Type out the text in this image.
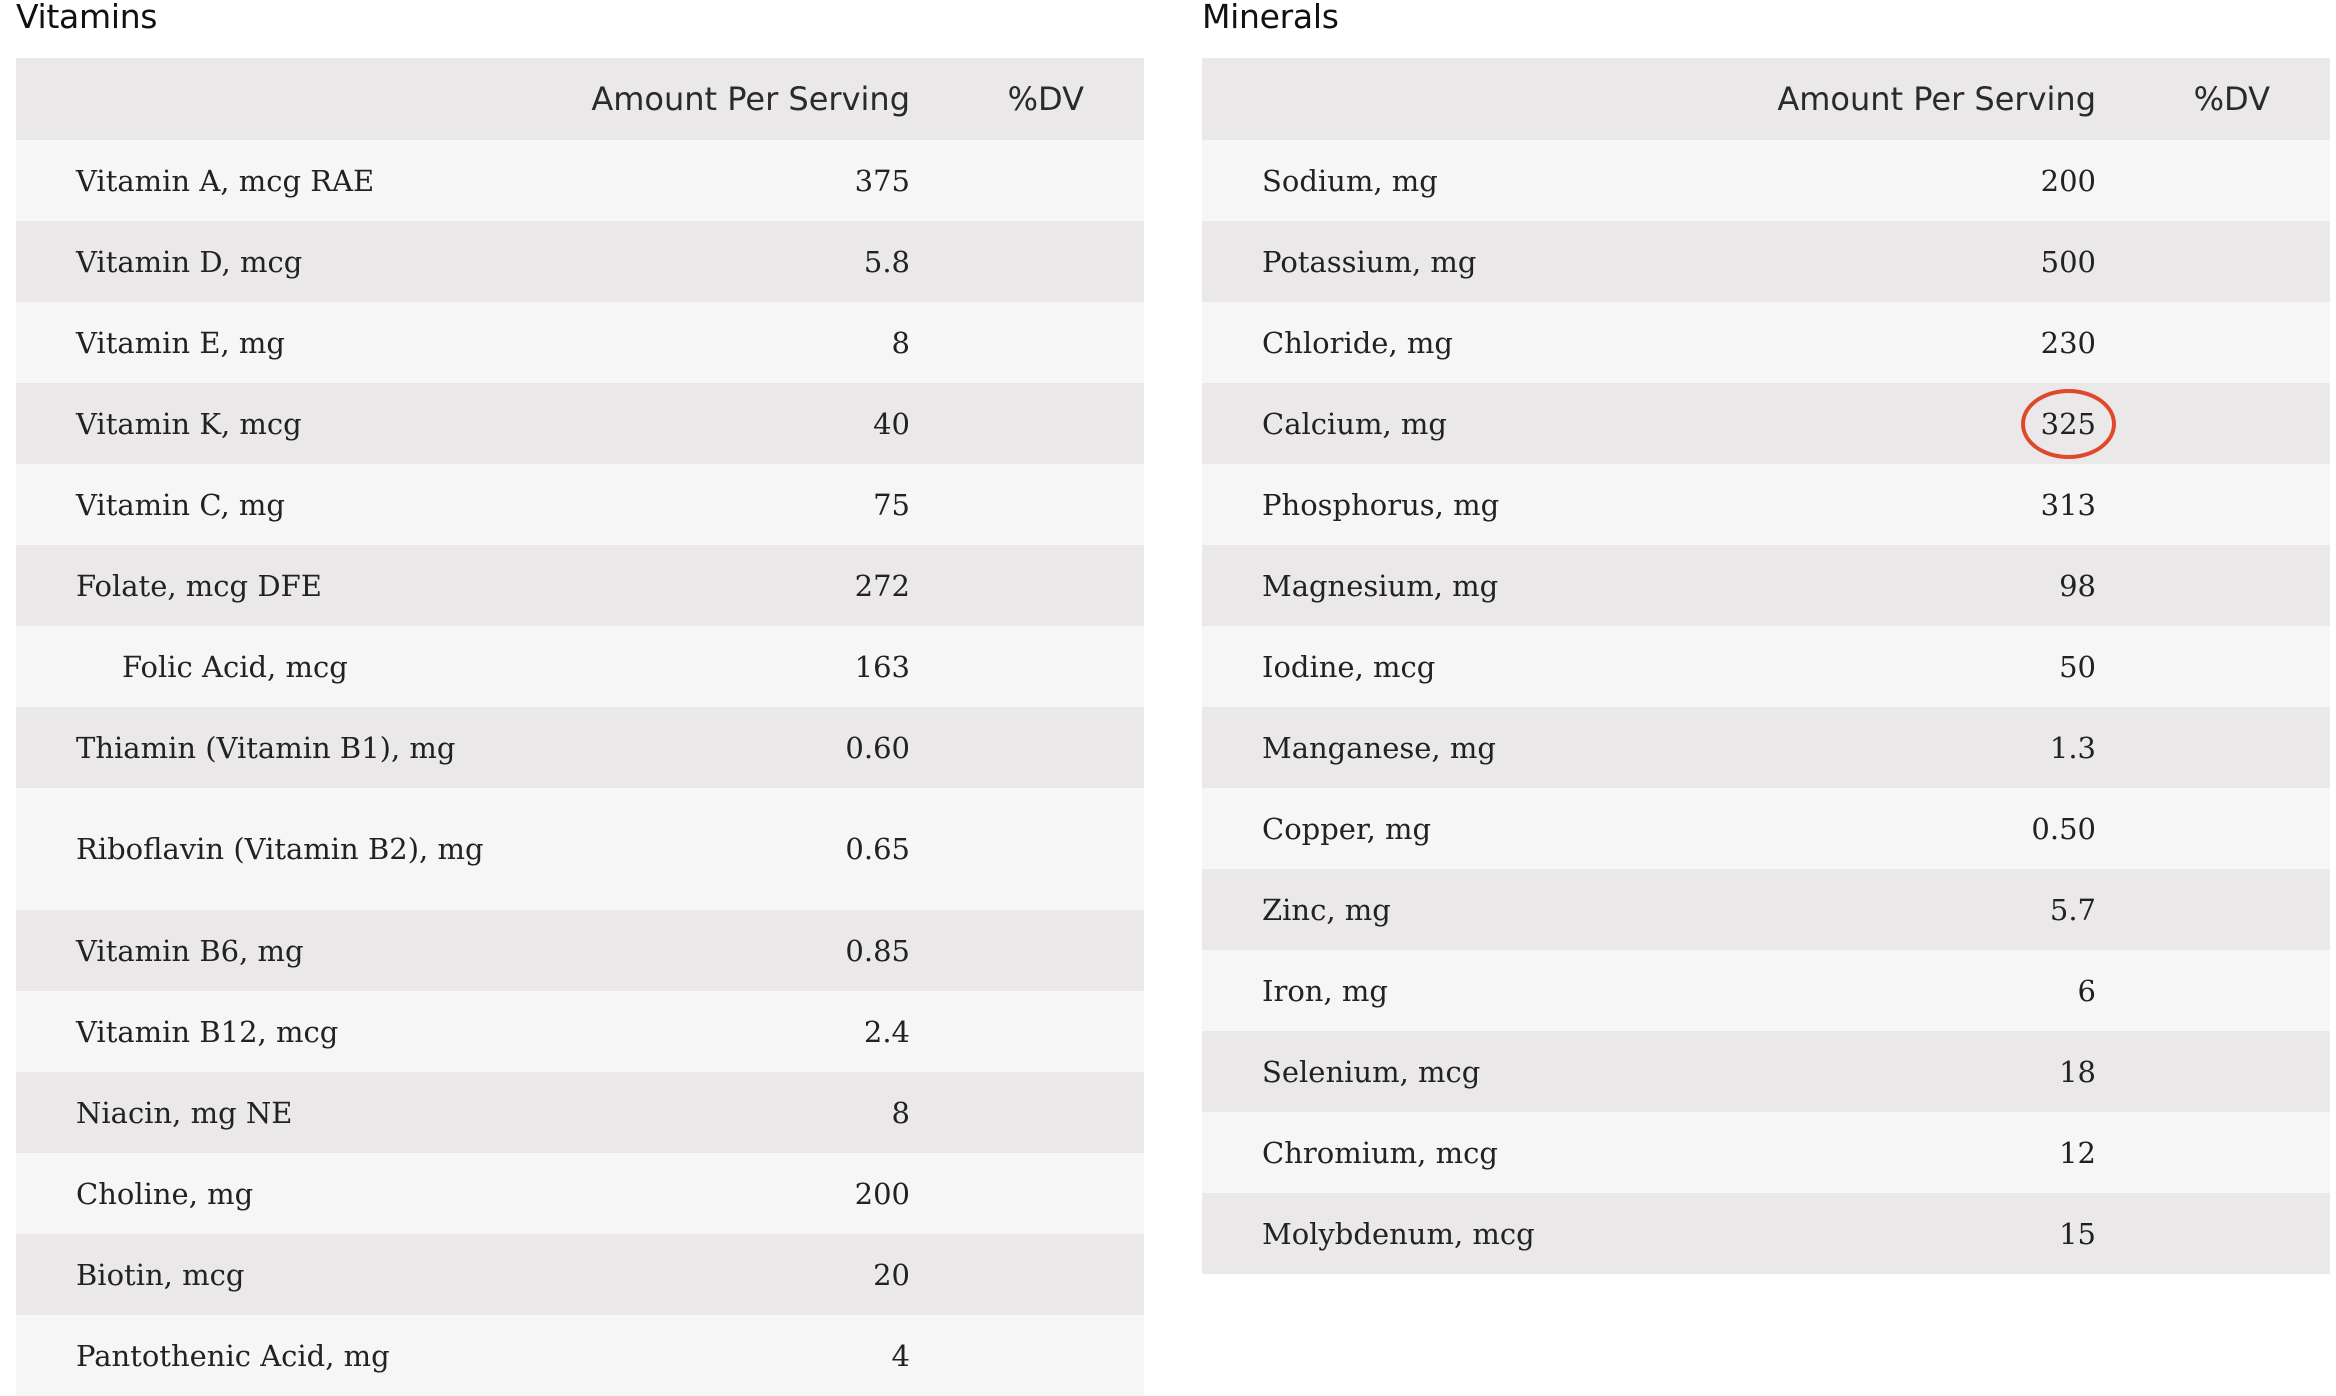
Vitamins
	Amount Per Serving	%DV
Vitamin A, mcg RAE	375	
Vitamin D, mcg	5.8	
Vitamin E, mg	8	
Vitamin K, mcg	40	
Vitamin C, mg	75	
Folate, mcg DFE	272	
Folic Acid, mcg	163	
Thiamin (Vitamin B1), mg	0.60	
Riboflavin (Vitamin B2), mg	0.65	
Vitamin B6, mg	0.85	
Vitamin B12, mcg	2.4	
Niacin, mg NE	8	
Choline, mg	200	
Biotin, mcg	20	
Pantothenic Acid, mg	4	
Minerals
	Amount Per Serving	%DV
Sodium, mg	200	
Potassium, mg	500	
Chloride, mg	230	
Calcium, mg	325	
Phosphorus, mg	313	
Magnesium, mg	98	
Iodine, mcg	50	
Manganese, mg	1.3	
Copper, mg	0.50	
Zinc, mg	5.7	
Iron, mg	6	
Selenium, mcg	18	
Chromium, mcg	12	
Molybdenum, mcg	15	
